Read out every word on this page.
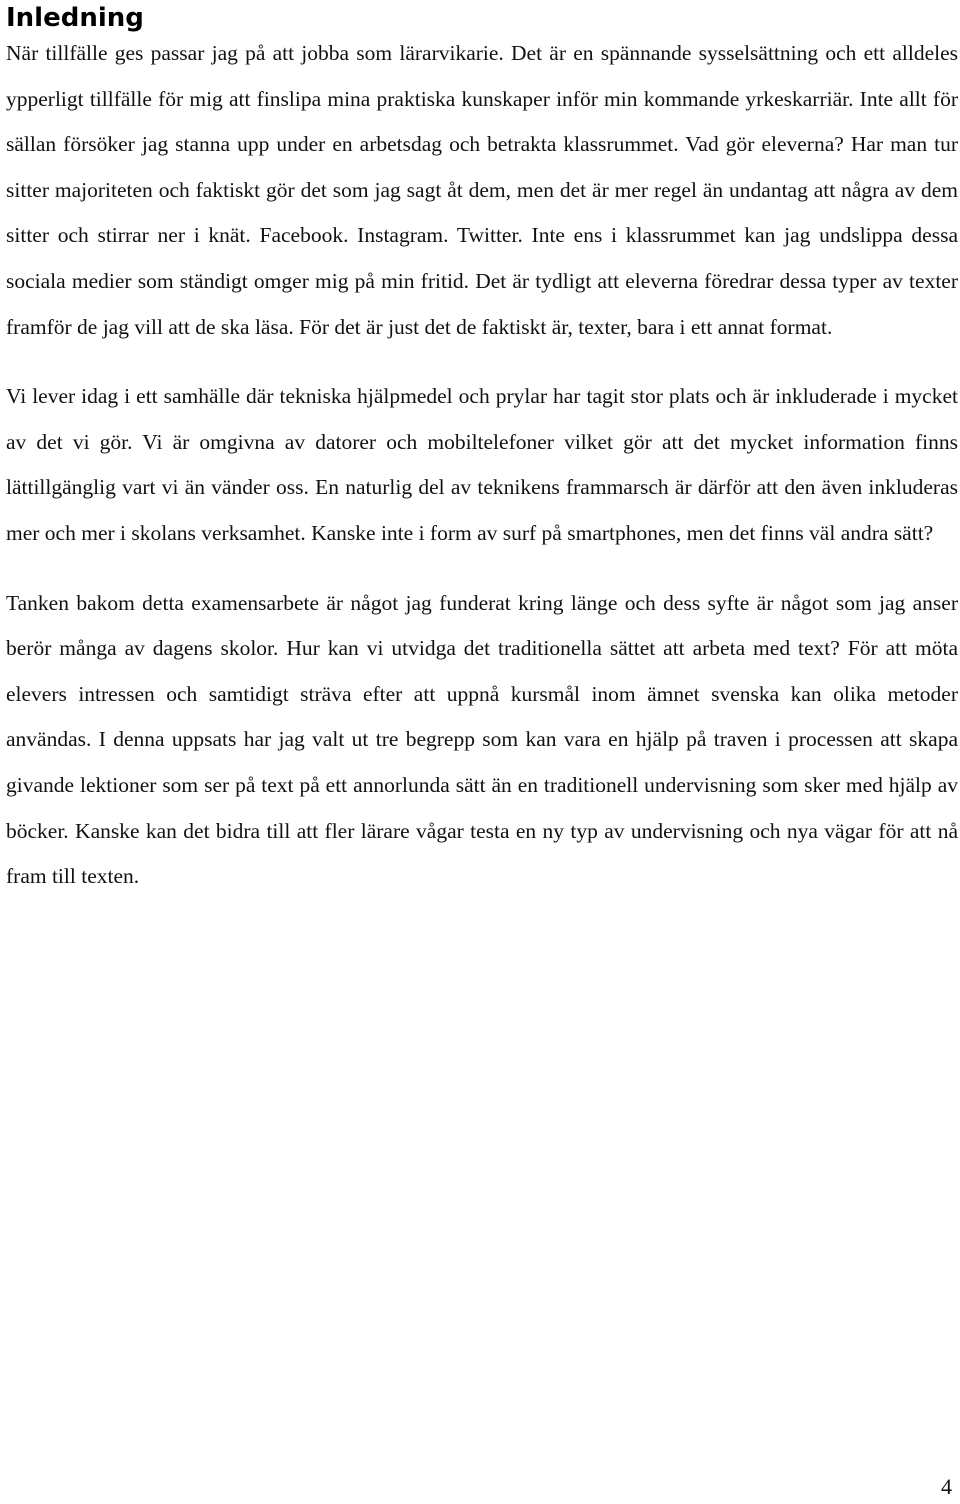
Inledning

När tillfälle ges passar jag på att jobba som lärarvikarie. Det är en spännande sysselsättning och ett alldeles ypperligt tillfälle för mig att finslipa mina praktiska kunskaper inför min kommande yrkeskarriär. Inte allt för sällan försöker jag stanna upp under en arbetsdag och betrakta klassrummet. Vad gör eleverna? Har man tur sitter majoriteten och faktiskt gör det som jag sagt åt dem, men det är mer regel än undantag att några av dem sitter och stirrar ner i knät. Facebook. Instagram. Twitter. Inte ens i klassrummet kan jag undslippa dessa sociala medier som ständigt omger mig på min fritid. Det är tydligt att eleverna föredrar dessa typer av texter framför de jag vill att de ska läsa. För det är just det de faktiskt är, texter, bara i ett annat format.

Vi lever idag i ett samhälle där tekniska hjälpmedel och prylar har tagit stor plats och är inkluderade i mycket av det vi gör. Vi är omgivna av datorer och mobiltelefoner vilket gör att det mycket information finns lättillgänglig vart vi än vänder oss. En naturlig del av teknikens frammarsch är därför att den även inkluderas mer och mer i skolans verksamhet. Kanske inte i form av surf på smartphones, men det finns väl andra sätt?

Tanken bakom detta examensarbete är något jag funderat kring länge och dess syfte är något som jag anser berör många av dagens skolor. Hur kan vi utvidga det traditionella sättet att arbeta med text? För att möta elevers intressen och samtidigt sträva efter att uppnå kursmål inom ämnet svenska kan olika metoder användas. I denna uppsats har jag valt ut tre begrepp som kan vara en hjälp på traven i processen att skapa givande lektioner som ser på text på ett annorlunda sätt än en traditionell undervisning som sker med hjälp av böcker. Kanske kan det bidra till att fler lärare vågar testa en ny typ av undervisning och nya vägar för att nå fram till texten.

4
